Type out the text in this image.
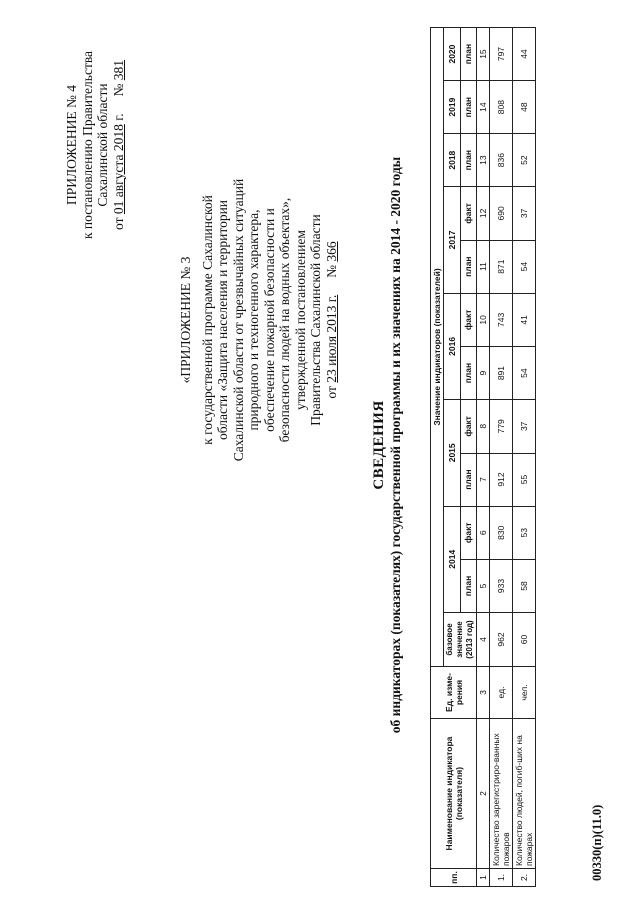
ПРИЛОЖЕНИЕ № 4 к постановлению Правительства Сахалинской области
от 01 августа 2018 г.     № 381
«ПРИЛОЖЕНИЕ № 3 к государственной программе Сахалинской области «Защита населения и территории Сахалинской области от чрезвычайных ситуаций природного и техногенного характера, обеспечение пожарной безопасности и безопасности людей на водных объектах», утвержденной постановлением Правительства Сахалинской области от 23 июля 2013 г.     № 366
СВЕДЕНИЯ об индикаторах (показателях) государственной программы и их значениях на 2014 - 2020 годы
пп.	Наименование индикатора (показателя)	Ед. изме-рения	Значение индикаторов (показателей)											
			базовое значение (2013 год)	2014		2015		2016		2017		2018	2019	2020
				план	факт	план	факт	план	факт	план	факт	план	план	план
1	2	3	4	5	6	7	8	9	10	11	12	13	14	15
1.	Количество зарегистриро-ванных пожаров	ед.	962	933	830	912	779	891	743	871	690	836	808	797
2.	Количество людей, погиб-ших на пожарах	чел.	60	58	53	55	37	54	41	54	37	52	48	44
00330(п)(11.0)
